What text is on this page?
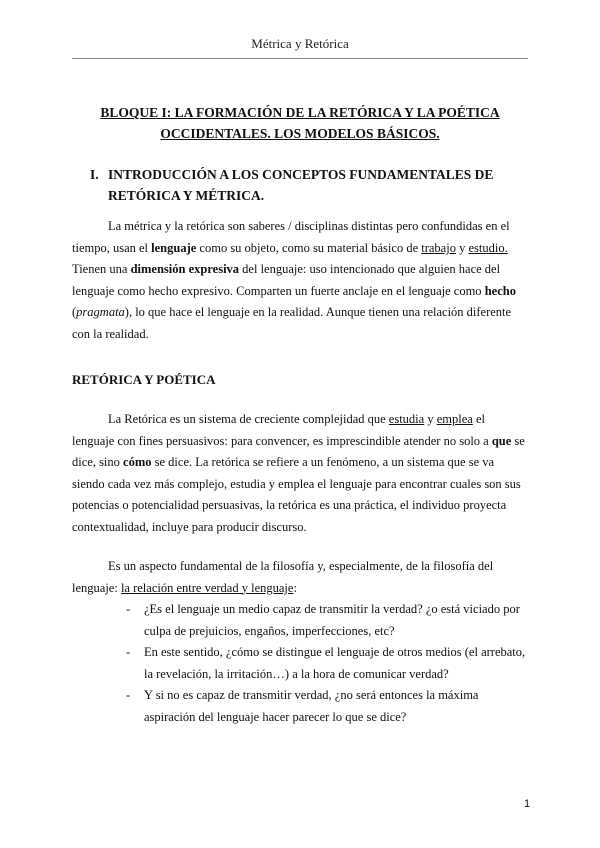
Métrica y Retórica
BLOQUE I: LA FORMACIÓN DE LA RETÓRICA Y LA POÉTICA OCCIDENTALES. LOS MODELOS BÁSICOS.
I. INTRODUCCIÓN A LOS CONCEPTOS FUNDAMENTALES DE RETÓRICA Y MÉTRICA.

La métrica y la retórica son saberes / disciplinas distintas pero confundidas en el tiempo, usan el lenguaje como su objeto, como su material básico de trabajo y estudio. Tienen una dimensión expresiva del lenguaje: uso intencionado que alguien hace del lenguaje como hecho expresivo. Comparten un fuerte anclaje en el lenguaje como hecho (pragmata), lo que hace el lenguaje en la realidad. Aunque tienen una relación diferente con la realidad.

RETÓRICA Y POÉTICA

La Retórica es un sistema de creciente complejidad que estudia y emplea el lenguaje con fines persuasivos: para convencer, es imprescindible atender no solo a que se dice, sino cómo se dice. La retórica se refiere a un fenómeno, a un sistema que se va siendo cada vez más complejo, estudia y emplea el lenguaje para encontrar cuales son sus potencias o potencialidad persuasivas, la retórica es una práctica, el individuo proyecta contextualidad, incluye para producir discurso.

Es un aspecto fundamental de la filosofía y, especialmente, de la filosofía del lenguaje: la relación entre verdad y lenguaje:

- ¿Es el lenguaje un medio capaz de transmitir la verdad? ¿o está viciado por culpa de prejuicios, engaños, imperfecciones, etc?
- En este sentido, ¿cómo se distingue el lenguaje de otros medios (el arrebato, la revelación, la irritación…) a la hora de comunicar verdad?
- Y si no es capaz de transmitir verdad, ¿no será entonces la máxima aspiración del lenguaje hacer parecer lo que se dice?
1
